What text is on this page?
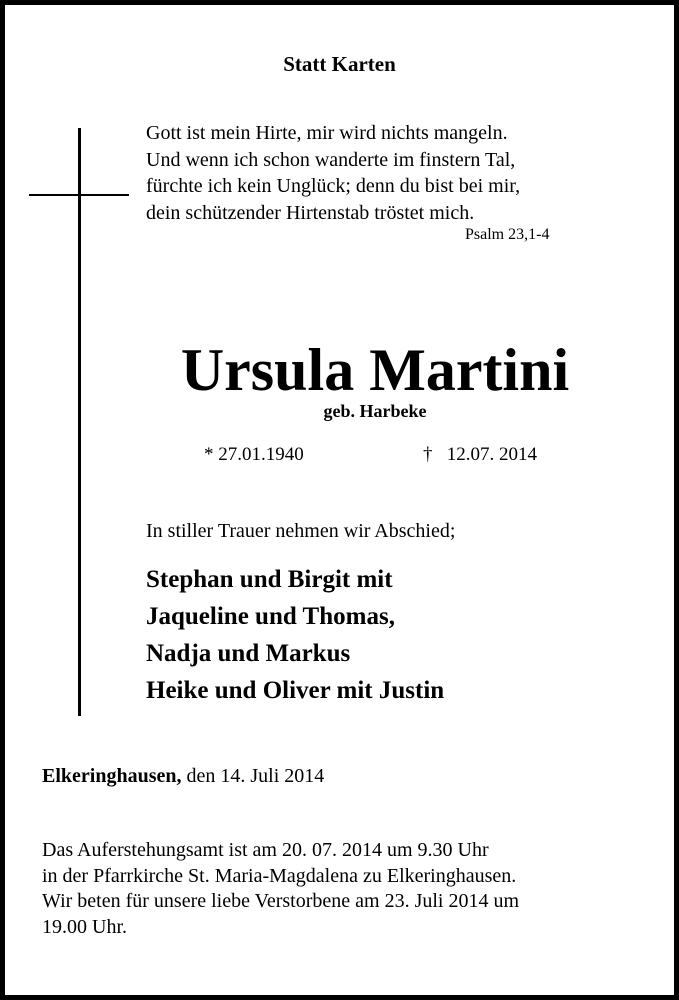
Statt Karten
Gott ist mein Hirte, mir wird nichts mangeln.
Und wenn ich schon wanderte im finstern Tal,
fürchte ich kein Unglück; denn du bist bei mir,
dein schützender Hirtenstab tröstet mich.
Psalm 23,1-4
Ursula Martini
geb. Harbeke
* 27.01.1940	† 12.07. 2014
In stiller Trauer nehmen wir Abschied;
Stephan und Birgit mit
Jaqueline und Thomas,
Nadja und Markus
Heike und Oliver mit Justin
Elkeringhausen, den 14. Juli 2014
Das Auferstehungsamt ist am 20. 07. 2014 um 9.30 Uhr
in der Pfarrkirche St. Maria-Magdalena zu Elkeringhausen.
Wir beten für unsere liebe Verstorbene am 23. Juli 2014 um
19.00 Uhr.
